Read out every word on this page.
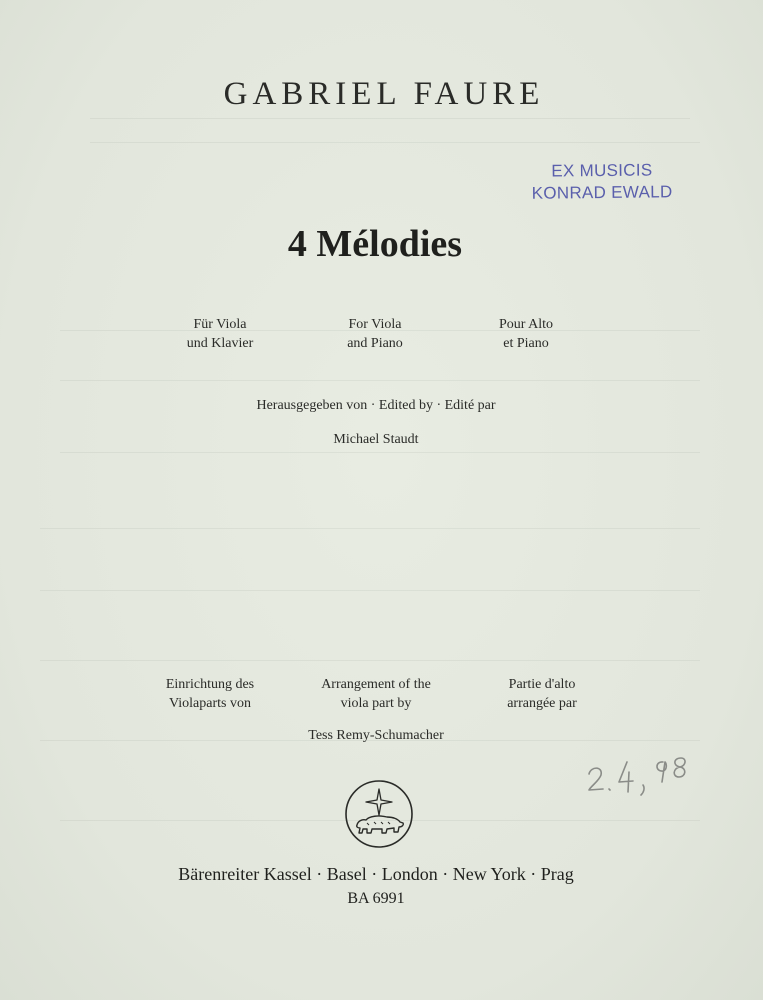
GABRIEL FAURE
EX MUSICIS
KONRAD EWALD
4 Mélodies
Für Viola
und Klavier
For Viola
and Piano
Pour Alto
et Piano
Herausgegeben von · Edited by · Edité par
Michael Staudt
Einrichtung des
Violaparts von
Arrangement of the
viola part by
Partie d'alto
arrangée par
Tess Remy-Schumacher
Bärenreiter Kassel · Basel · London · New York · Prag
BA 6991
